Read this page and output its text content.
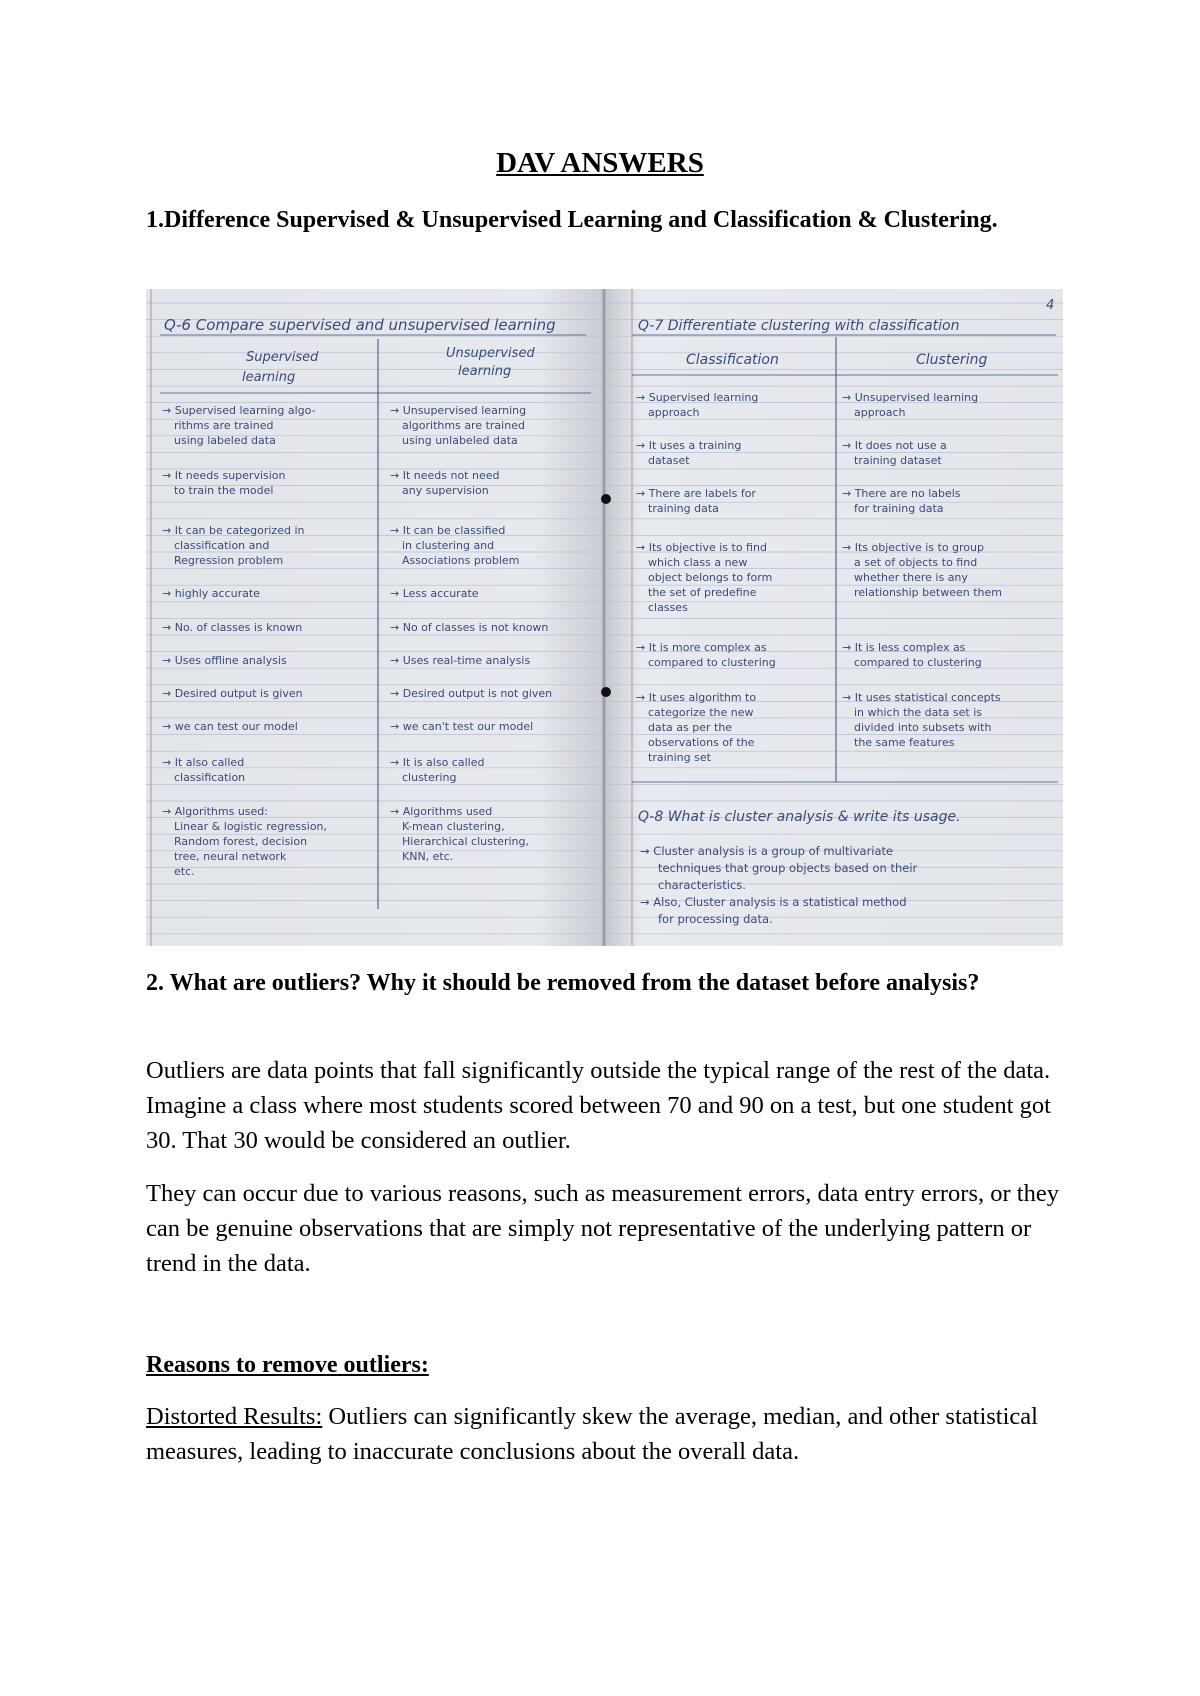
DAV ANSWERS
1.Difference Supervised & Unsupervised Learning and Classification & Clustering.
4
Q-6 Compare supervised and unsupervised learning
Supervised
learning
Unsupervised
learning
→ Supervised learning algo-
rithms are trained
using labeled data
→ It needs supervision
to train the model
→ It can be categorized in
classification and
Regression problem
→ highly accurate
→ No. of classes is known
→ Uses offline analysis
→ Desired output is given
→ we can test our model
→ It also called
classification
→ Algorithms used:
Linear & logistic regression,
Random forest, decision
tree, neural network
etc.
→ Unsupervised learning
algorithms are trained
using unlabeled data
→ It needs not need
any supervision
→ It can be classified
in clustering and
Associations problem
→ Less accurate
→ No of classes is not known
→ Uses real-time analysis
→ Desired output is not given
→ we can't test our model
→ It is also called
clustering
→ Algorithms used
K-mean clustering,
Hierarchical clustering,
KNN, etc.
Q-7 Differentiate clustering with classification
Classification	Clustering
→ Supervised learning
approach
→ It uses a training
dataset
→ There are labels for
training data
→ Its objective is to find
which class a new
object belongs to form
the set of predefine
classes
→ It is more complex as
compared to clustering
→ It uses algorithm to
categorize the new
data as per the
observations of the
training set
→ Unsupervised learning
approach
→ It does not use a
training dataset
→ There are no labels
for training data
→ Its objective is to group
a set of objects to find
whether there is any
relationship between them
→ It is less complex as
compared to clustering
→ It uses statistical concepts
in which the data set is
divided into subsets with
the same features
Q-8 What is cluster analysis & write its usage.
→ Cluster analysis is a group of multivariate
techniques that group objects based on their
characteristics.
→ Also, Cluster analysis is a statistical method
for processing data.
2. What are outliers? Why it should be removed from the dataset before analysis?

Outliers are data points that fall significantly outside the typical range of the rest of the data. Imagine a class where most students scored between 70 and 90 on a test, but one student got 30. That 30 would be considered an outlier.

They can occur due to various reasons, such as measurement errors, data entry errors, or they can be genuine observations that are simply not representative of the underlying pattern or trend in the data.

Reasons to remove outliers:

Distorted Results: Outliers can significantly skew the average, median, and other statistical measures, leading to inaccurate conclusions about the overall data.
